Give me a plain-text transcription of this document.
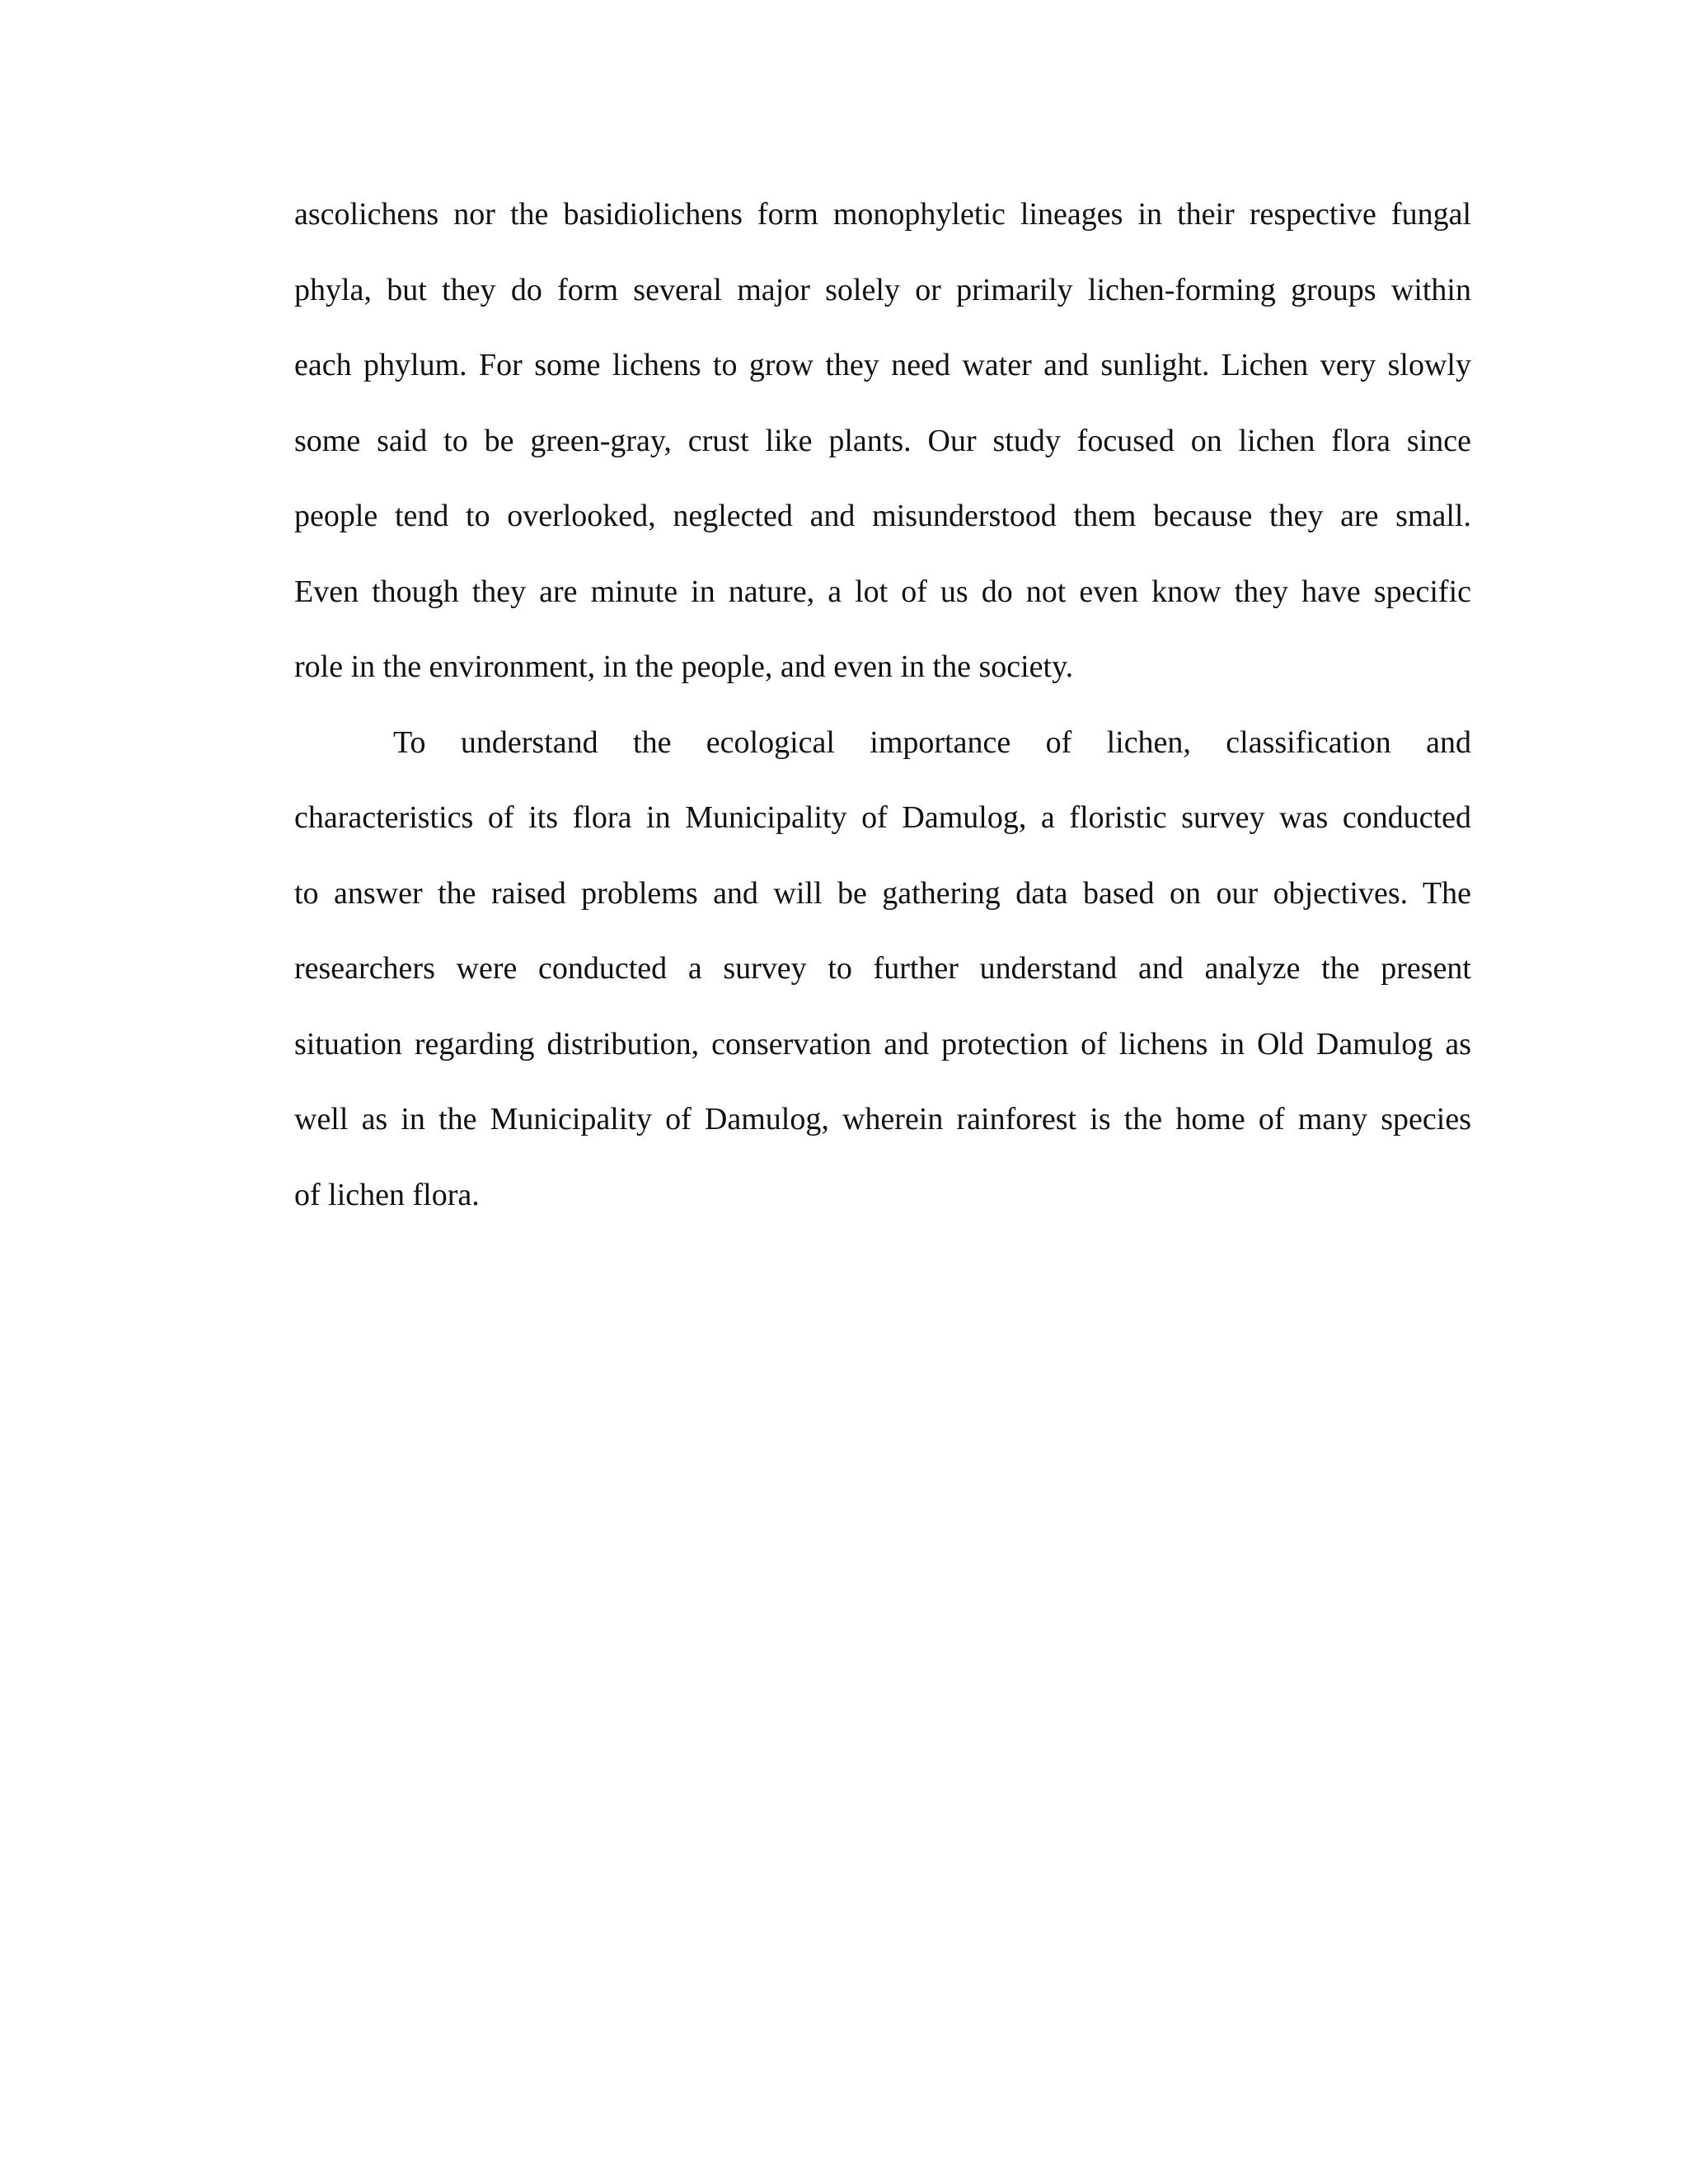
ascolichens nor the basidiolichens form monophyletic lineages in their respective fungal
phyla, but they do form several major solely or primarily lichen-forming groups within
each phylum. For some lichens to grow they need water and sunlight. Lichen very slowly
some said to be green-gray, crust like plants. Our study focused on lichen flora since
people tend to overlooked, neglected and misunderstood them because they are small.
Even though they are minute in nature, a lot of us do not even know they have specific
role in the environment, in the people, and even in the society.
To understand the ecological importance of lichen, classification and
characteristics of its flora in Municipality of Damulog, a floristic survey was conducted
to answer the raised problems and will be gathering data based on our objectives. The
researchers were conducted a survey to further understand and analyze the present
situation regarding distribution, conservation and protection of lichens in Old Damulog as
well as in the Municipality of Damulog, wherein rainforest is the home of many species
of lichen flora.
